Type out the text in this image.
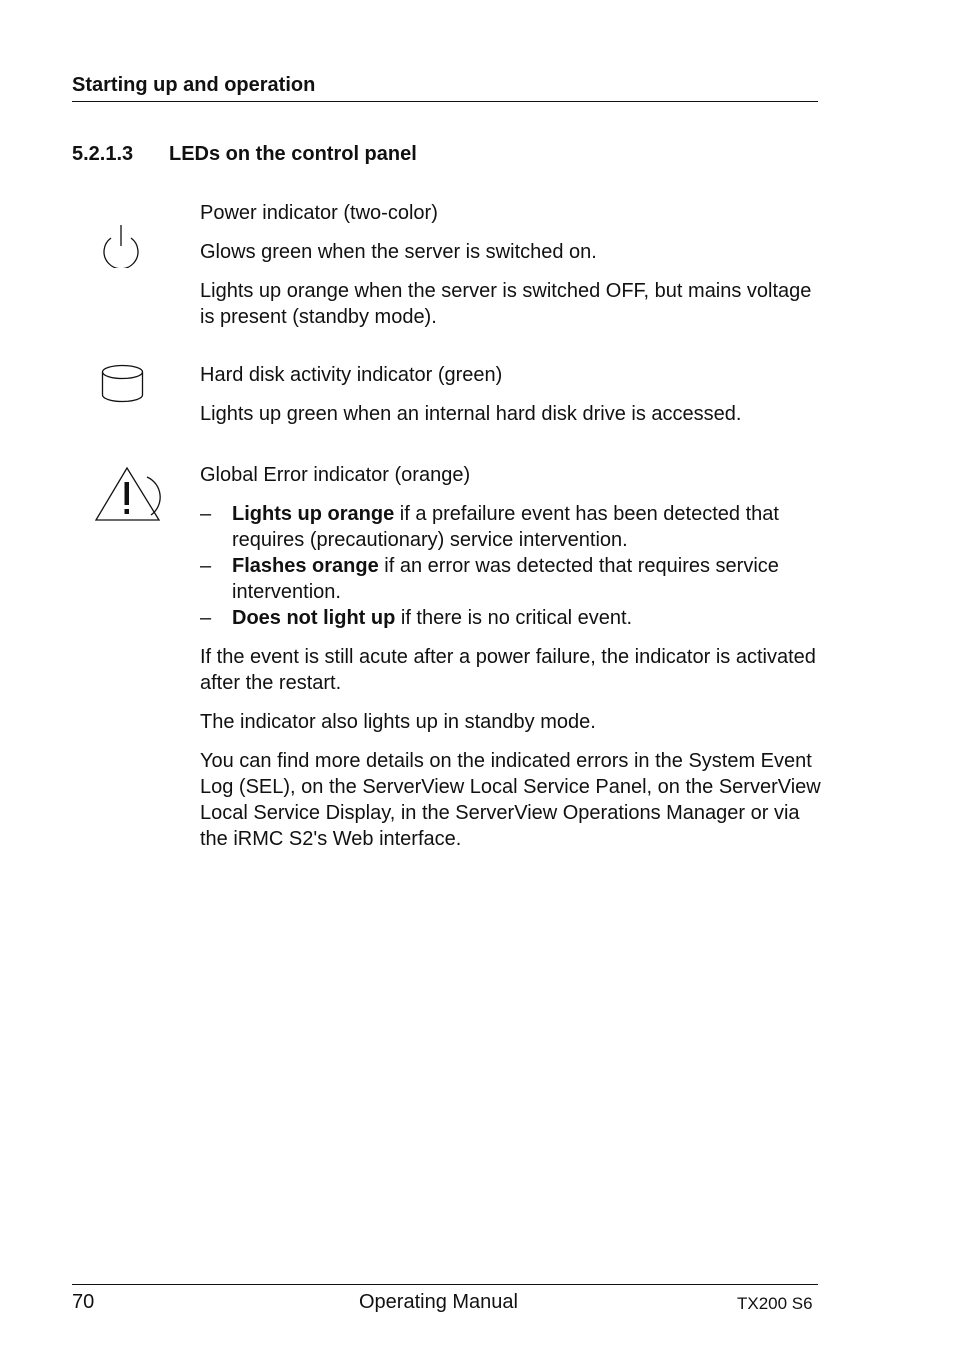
Starting up and operation
5.2.1.3 LEDs on the control panel

Power indicator (two-color)

Glows green when the server is switched on.

Lights up orange when the server is switched OFF, but mains voltage is present (standby mode).

Hard disk activity indicator (green)

Lights up green when an internal hard disk drive is accessed.

Global Error indicator (orange)

– Lights up orange if a prefailure event has been detected that requires (precautionary) service intervention.
– Flashes orange if an error was detected that requires service intervention.
– Does not light up if there is no critical event.

If the event is still acute after a power failure, the indicator is activated after the restart.

The indicator also lights up in standby mode.

You can find more details on the indicated errors in the System Event Log (SEL), on the ServerView Local Service Panel, on the ServerView Local Service Display, in the ServerView Operations Manager or via the iRMC S2's Web interface.

70	Operating Manual	TX200 S6
